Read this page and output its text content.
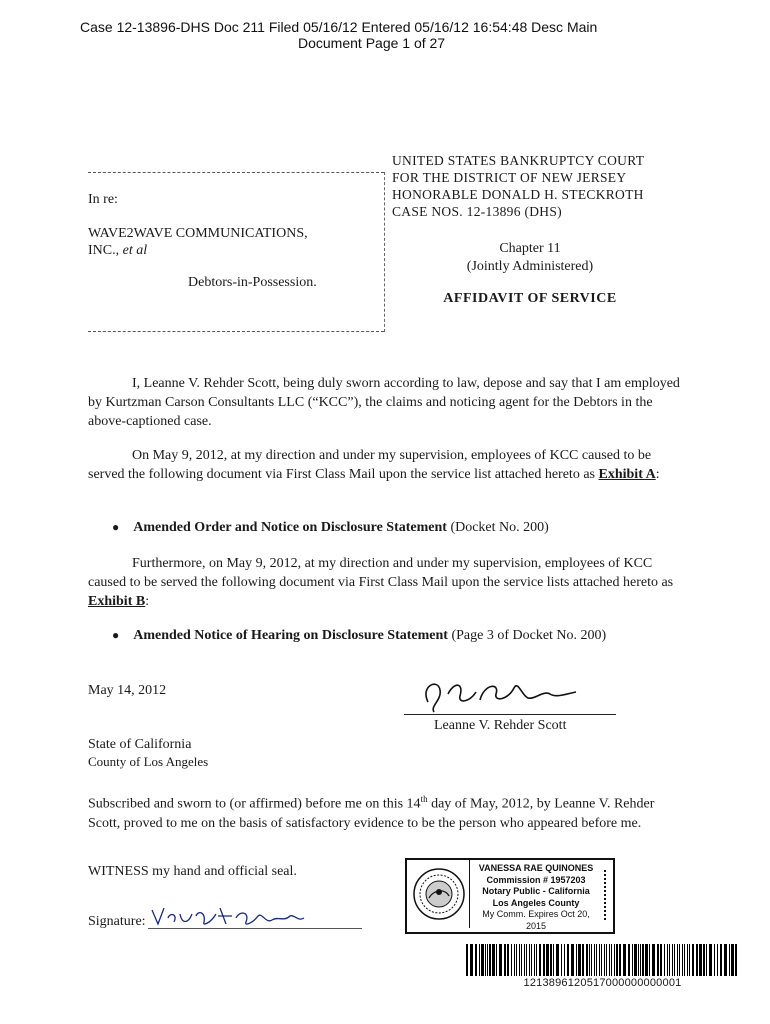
Case 12-13896-DHS Doc 211 Filed 05/16/12 Entered 05/16/12 16:54:48 Desc Main
Document Page 1 of 27
In re:
WAVE2WAVE COMMUNICATIONS,
INC., et al
Debtors-in-Possession.
UNITED STATES BANKRUPTCY COURT
FOR THE DISTRICT OF NEW JERSEY
HONORABLE DONALD H. STECKROTH
CASE NOS. 12-13896 (DHS)
Chapter 11
(Jointly Administered)
AFFIDAVIT OF SERVICE
I, Leanne V. Rehder Scott, being duly sworn according to law, depose and say that I am employed by Kurtzman Carson Consultants LLC (“KCC”), the claims and noticing agent for the Debtors in the above-captioned case.
On May 9, 2012, at my direction and under my supervision, employees of KCC caused to be served the following document via First Class Mail upon the service list attached hereto as Exhibit A:
● Amended Order and Notice on Disclosure Statement (Docket No. 200)
Furthermore, on May 9, 2012, at my direction and under my supervision, employees of KCC caused to be served the following document via First Class Mail upon the service lists attached hereto as Exhibit B:
● Amended Notice of Hearing on Disclosure Statement (Page 3 of Docket No. 200)
May 14, 2012
L.V.Rehder
Leanne V. Rehder Scott
State of California
County of Los Angeles
Subscribed and sworn to (or affirmed) before me on this 14th day of May, 2012, by Leanne V. Rehder Scott, proved to me on the basis of satisfactory evidence to be the person who appeared before me.
WITNESS my hand and official seal.
Signature:
Vanessa Quinones
VANESSA RAE QUINONES
Commission # 1957203
Notary Public - California
Los Angeles County
My Comm. Expires Oct 20, 2015
1213896120517000000000001
